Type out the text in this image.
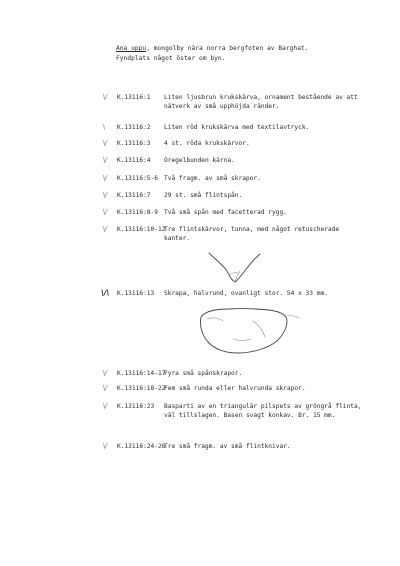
Ana uppu, mongolby nära norra bergfoten av Barghat. Fyndplats något öster om byn.
\/ K.13116:1 Liten ljusbrun krukskärva, ornament bestående av att nätverk av små upphöjda ränder.
\ K.13116:2 Liten röd krukskärva med textilavtryck.
\/ K.13116:3 4 st. röda krukskärvor.
\/ K.13116:4 Oregelbunden kärna.
\/ K.13116:5-6 Två fragm. av små skrapor.
\/ K.13116:7 29 st. små flintspån.
\/ K.13116:8-9 Två små spån med facetterad rygg.
\/ K.13116:10-12
Tre flintskärvor, tunna, med något retuscherade kanter.
\/\ K.13116:13 Skrapa, halvrund, ovanligt stor. 54 x 33 mm.
\/ K.13116:14-17
Fyra små spånskrapor.
\/ K.13116:18-22
Fem små runda eller halvrunda skrapor.
\/ K.13116:23 Basparti av en triangulär pilspets av gröngrå flinta, väl tillslagen. Basen svagt konkav. Br. 15 mm.
\/ K.13116:24-26
Tre små fragm. av små flintknivar.
